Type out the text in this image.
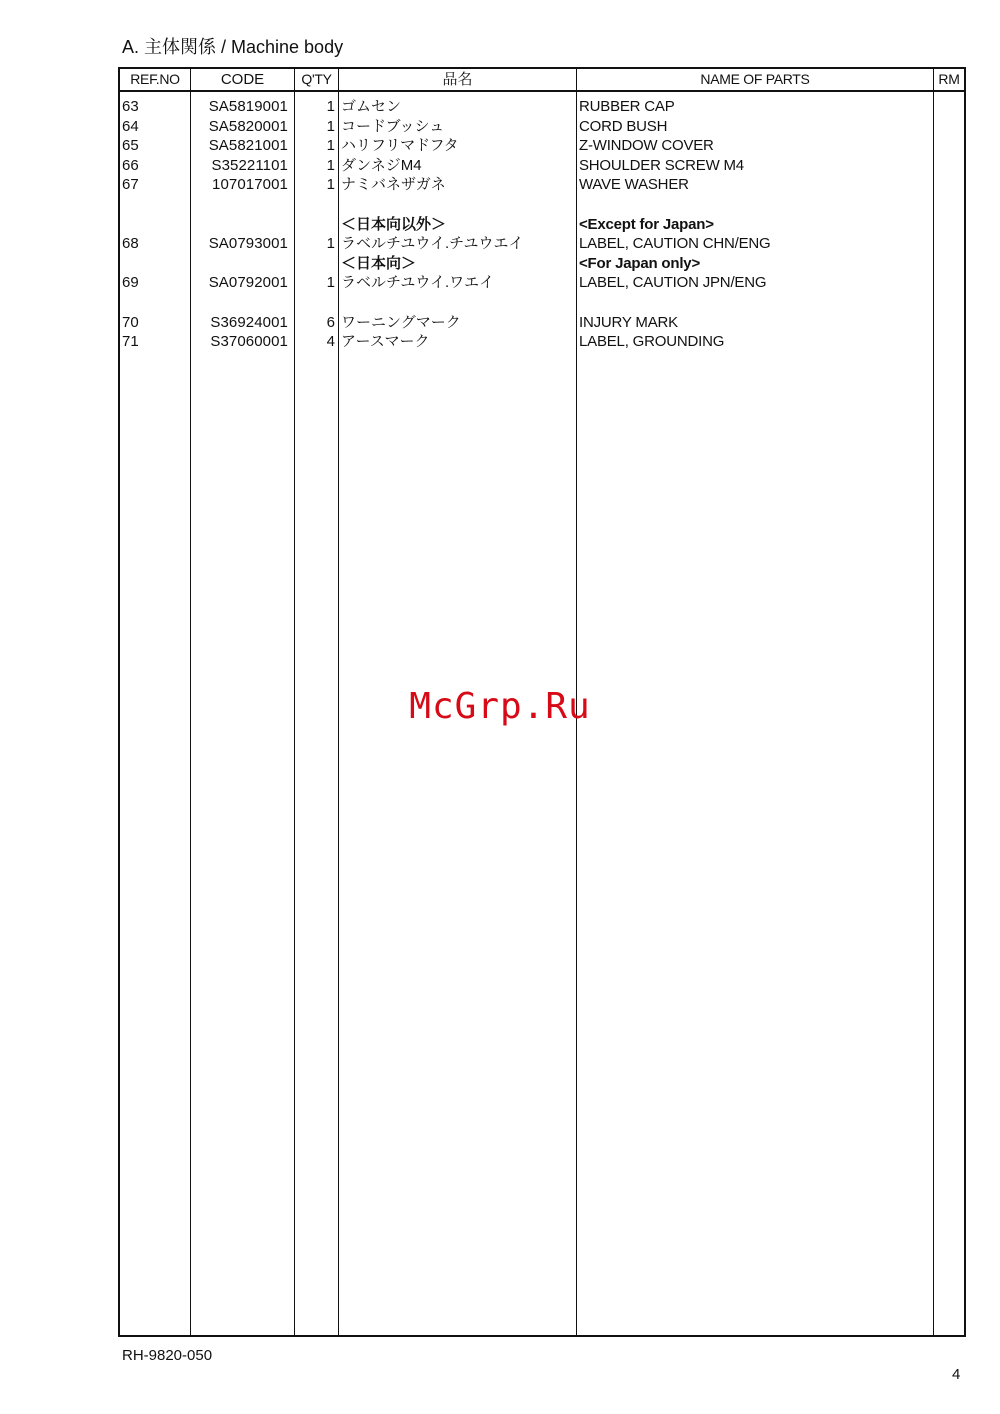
A. 主体関係 / Machine body
REF.NO	CODE	Q'TY	品名	NAME OF PARTS	RM
63	SA5819001	1 ゴムセン	RUBBER CAP
64	SA5820001	1 コードブッシュ	CORD BUSH
65	SA5821001	1 ハリフリマドフタ	Z-WINDOW COVER
66	S35221101	1 ダンネジM4	SHOULDER SCREW M4
67	107017001	1 ナミバネザガネ	WAVE WASHER
＜日本向以外＞	<Except for Japan>
68	SA0793001	1 ラベルチユウイ.チユウエイ	LABEL, CAUTION CHN/ENG
＜日本向＞	<For Japan only>
69	SA0792001	1 ラベルチユウイ.ワエイ	LABEL, CAUTION JPN/ENG
70	S36924001	6 ワーニングマーク	INJURY MARK
71	S37060001	4 アースマーク	LABEL, GROUNDING
McGrp.Ru
RH-9820-050
4
